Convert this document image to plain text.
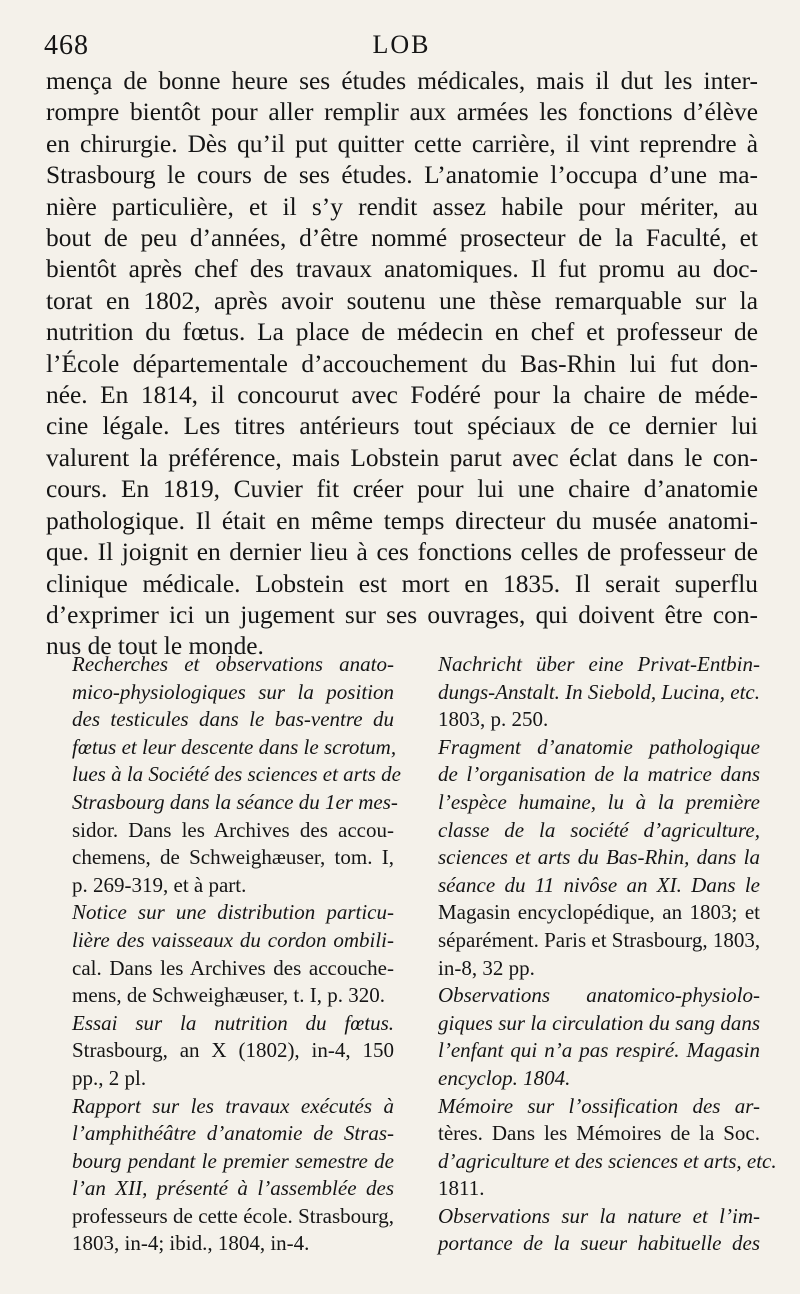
468	LOB
mença de bonne heure ses études médicales, mais il dut les inter-
rompre bientôt pour aller remplir aux armées les fonctions d’élève
en chirurgie. Dès qu’il put quitter cette carrière, il vint reprendre à
Strasbourg le cours de ses études. L’anatomie l’occupa d’une ma-
nière particulière, et il s’y rendit assez habile pour mériter, au
bout de peu d’années, d’être nommé prosecteur de la Faculté, et
bientôt après chef des travaux anatomiques. Il fut promu au doc-
torat en 1802, après avoir soutenu une thèse remarquable sur la
nutrition du fœtus. La place de médecin en chef et professeur de
l’École départementale d’accouchement du Bas-Rhin lui fut don-
née. En 1814, il concourut avec Fodéré pour la chaire de méde-
cine légale. Les titres antérieurs tout spéciaux de ce dernier lui
valurent la préférence, mais Lobstein parut avec éclat dans le con-
cours. En 1819, Cuvier fit créer pour lui une chaire d’anatomie
pathologique. Il était en même temps directeur du musée anatomi-
que. Il joignit en dernier lieu à ces fonctions celles de professeur de
clinique médicale. Lobstein est mort en 1835. Il serait superflu
d’exprimer ici un jugement sur ses ouvrages, qui doivent être con-
nus de tout le monde.
Recherches et observations anato-
mico-physiologiques sur la position
des testicules dans le bas-ventre du
fœtus et leur descente dans le scrotum,
lues à la Société des sciences et arts de
Strasbourg dans la séance du 1er mes-
sidor. Dans les Archives des accou-
chemens, de Schweighæuser, tom. I,
p. 269-319, et à part.
Notice sur une distribution particu-
lière des vaisseaux du cordon ombili-
cal. Dans les Archives des accouche-
mens, de Schweighæuser, t. I, p. 320.
Essai sur la nutrition du fœtus.
Strasbourg, an X (1802), in-4, 150
pp., 2 pl.
Rapport sur les travaux exécutés à
l’amphithéâtre d’anatomie de Stras-
bourg pendant le premier semestre de
l’an XII, présenté à l’assemblée des
professeurs de cette école. Strasbourg,
1803, in-4; ibid., 1804, in-4.
Nachricht über eine Privat-Entbin-
dungs-Anstalt. In Siebold, Lucina, etc.
1803, p. 250.
Fragment d’anatomie pathologique
de l’organisation de la matrice dans
l’espèce humaine, lu à la première
classe de la société d’agriculture,
sciences et arts du Bas-Rhin, dans la
séance du 11 nivôse an XI. Dans le
Magasin encyclopédique, an 1803; et
séparément. Paris et Strasbourg, 1803,
in-8, 32 pp.
Observations anatomico-physiolo-
giques sur la circulation du sang dans
l’enfant qui n’a pas respiré. Magasin
encyclop. 1804.
Mémoire sur l’ossification des ar-
tères. Dans les Mémoires de la Soc.
d’agriculture et des sciences et arts, etc.
1811.
Observations sur la nature et l’im-
portance de la sueur habituelle des
